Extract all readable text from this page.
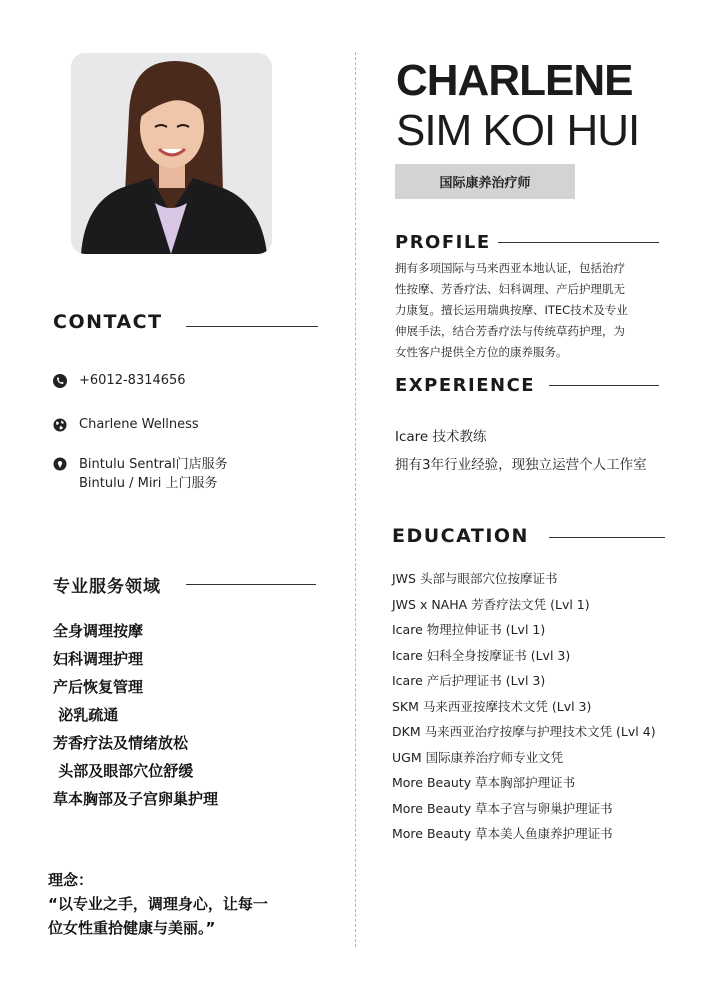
CHARLENE
SIM KOI HUI
国际康养治疗师
PROFILE
拥有多项国际与马来西亚本地认证，包括治疗
性按摩、芳香疗法、妇科调理、产后护理肌无
力康复。擅长运用瑞典按摩、ITEC技术及专业
伸展手法，结合芳香疗法与传统草药护理，为
女性客户提供全方位的康养服务。
EXPERIENCE
Icare 技术教练
拥有3年行业经验，现独立运营个人工作室
EDUCATION
JWS 头部与眼部穴位按摩证书
JWS x NAHA 芳香疗法文凭 (Lvl 1)
Icare 物理拉伸证书 (Lvl 1)
Icare 妇科全身按摩证书 (Lvl 3)
Icare 产后护理证书 (Lvl 3)
SKM 马来西亚按摩技术文凭 (Lvl 3)
DKM 马来西亚治疗按摩与护理技术文凭 (Lvl 4)
UGM 国际康养治疗师专业文凭
More Beauty 草本胸部护理证书
More Beauty 草本子宫与卵巢护理证书
More Beauty 草本美人鱼康养护理证书
CONTACT
+6012-8314656
Charlene Wellness
Bintulu Sentral门店服务
Bintulu / Miri 上门服务
专业服务领域
全身调理按摩
妇科调理护理
产后恢复管理
泌乳疏通
芳香疗法及情绪放松
头部及眼部穴位舒缓
草本胸部及子宫卵巢护理
理念：
“以专业之手，调理身心，让每一
位女性重拾健康与美丽。”
